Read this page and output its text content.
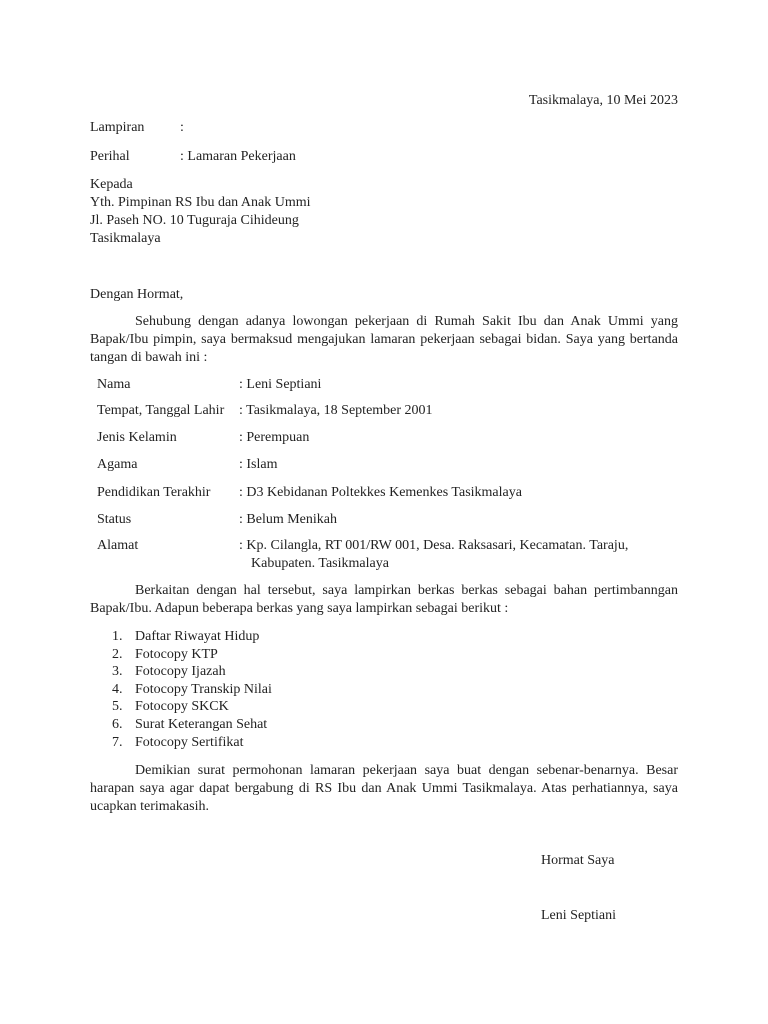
Tasikmalaya, 10 Mei 2023
Lampiran	:
Perihal	: Lamaran Pekerjaan
Kepada
Yth. Pimpinan RS Ibu dan Anak Ummi
Jl. Paseh NO. 10 Tuguraja Cihideung
Tasikmalaya
Dengan Hormat,
Sehubung dengan adanya lowongan pekerjaan di Rumah Sakit Ibu dan Anak Ummi yang Bapak/Ibu pimpin, saya bermaksud mengajukan lamaran pekerjaan sebagai bidan. Saya yang bertanda tangan di bawah ini :
Nama	: Leni Septiani
Tempat, Tanggal Lahir : Tasikmalaya, 18 September 2001
Jenis Kelamin	: Perempuan
Agama	: Islam
Pendidikan Terakhir : D3 Kebidanan Poltekkes Kemenkes Tasikmalaya
Status	: Belum Menikah
Alamat	: Kp. Cilangla, RT 001/RW 001, Desa. Raksasari, Kecamatan. Taraju,
Kabupaten. Tasikmalaya
Berkaitan dengan hal tersebut, saya lampirkan berkas berkas sebagai bahan pertimbanngan Bapak/Ibu. Adapun beberapa berkas yang saya lampirkan sebagai berikut :
1. Daftar Riwayat Hidup
2. Fotocopy KTP
3. Fotocopy Ijazah
4. Fotocopy Transkip Nilai
5. Fotocopy SKCK
6. Surat Keterangan Sehat
7. Fotocopy Sertifikat
Demikian surat permohonan lamaran pekerjaan saya buat dengan sebenar-benarnya. Besar harapan saya agar dapat bergabung di RS Ibu dan Anak Ummi Tasikmalaya. Atas perhatiannya, saya ucapkan terimakasih.
Hormat Saya
Leni Septiani
